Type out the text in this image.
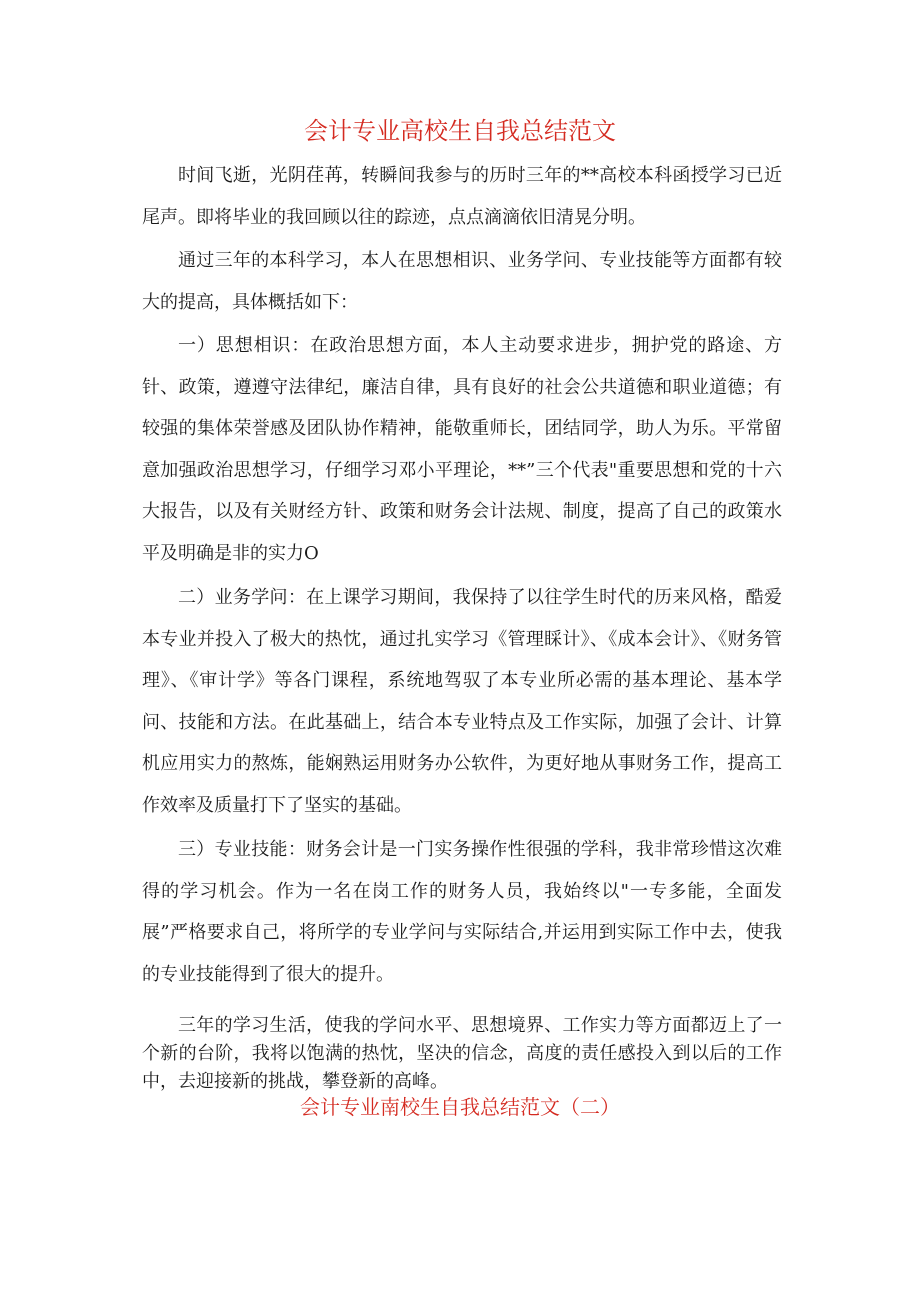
会计专业高校生自我总结范文

时间飞逝，光阴荏苒，转瞬间我参与的历时三年的**高校本科函授学习已近尾声。即将毕业的我回顾以往的踪迹，点点滴滴依旧清晃分明。

通过三年的本科学习，本人在思想相识、业务学问、专业技能等方面都有较大的提高，具体概括如下：

一）思想相识：在政治思想方面，本人主动要求进步，拥护党的路途、方针、政策，遵遵守法律纪，廉洁自律，具有良好的社会公共道德和职业道德；有较强的集体荣誉感及团队协作精神，能敬重师长，团结同学，助人为乐。平常留意加强政治思想学习，仔细学习邓小平理论，**”三个代表"重要思想和党的十六大报告，以及有关财经方针、政策和财务会计法规、制度，提高了自己的政策水平及明确是非的实力O

二）业务学问：在上课学习期间，我保持了以往学生时代的历来风格，酷爱本专业并投入了极大的热忱，通过扎实学习《管理睬计》、《成本会计》、《财务管理》、《审计学》等各门课程，系统地驾驭了本专业所必需的基本理论、基本学问、技能和方法。在此基础上，结合本专业特点及工作实际，加强了会计、计算机应用实力的熬炼，能娴熟运用财务办公软件，为更好地从事财务工作，提高工作效率及质量打下了坚实的基础。

三）专业技能：财务会计是一门实务操作性很强的学科，我非常珍惜这次难得的学习机会。作为一名在岗工作的财务人员，我始终以"一专多能，全面发展”严格要求自己，将所学的专业学问与实际结合,并运用到实际工作中去，使我的专业技能得到了很大的提升。

三年的学习生活，使我的学问水平、思想境界、工作实力等方面都迈上了一个新的台阶，我将以饱满的热忱，坚决的信念，高度的责任感投入到以后的工作中，去迎接新的挑战，攀登新的高峰。

会计专业南校生自我总结范文（二）
